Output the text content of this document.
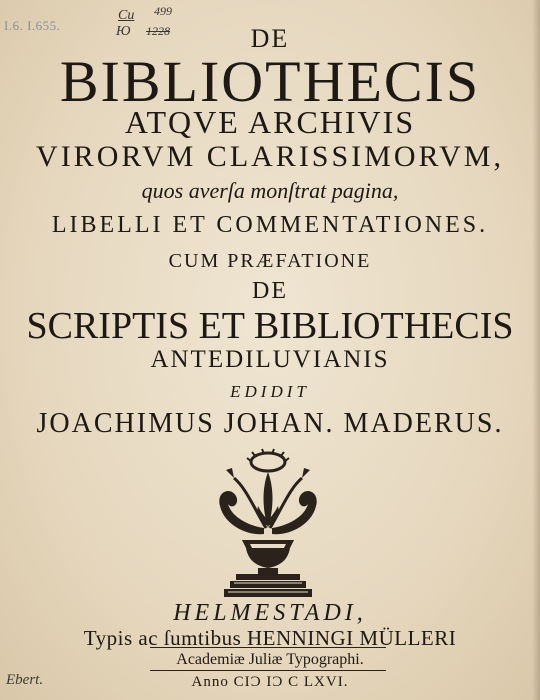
I.6. I.655.
Си 499
Ю 1228	DE
BIBLIOTHECIS
ATQVE ARCHIVIS
VIRORVM CLARISSIMORVM,
quos averſa monſtrat pagina,
LIBELLI ET COMMENTATIONES.
CUM PRÆFATIONE
DE
SCRIPTIS ET BIBLIOTHECIS
ANTEDILUVIANIS
EDIDIT
JOACHIMUS JOHAN. MADERUS.
HELMESTADI,
Typis ac ſumtibus HENNINGI MÜLLERI
Academiæ Juliæ Typographi.
Anno CIƆ IƆ C LXVI.
Ebert.
